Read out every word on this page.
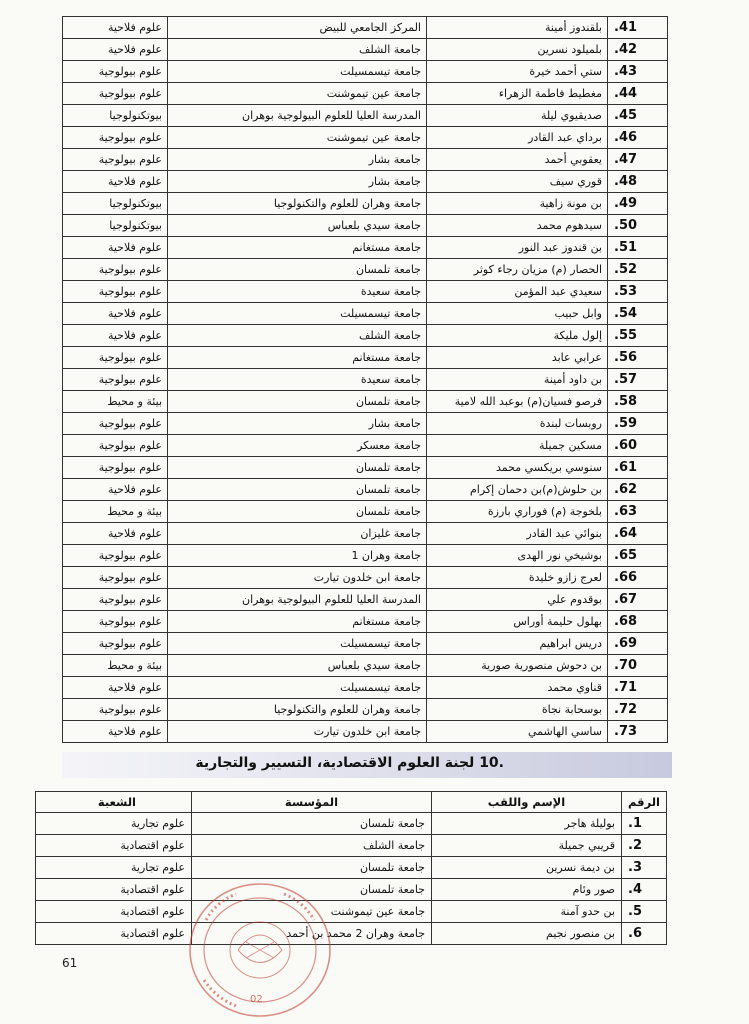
41.	بلقندوز أمينة	المركز الجامعي للبيض	علوم فلاحية
42.	بلميلود نسرين	جامعة الشلف	علوم فلاحية
43.	ستي أحمد خيرة	جامعة تيسمسيلت	علوم بيولوجية
44.	مغطيط فاطمة الزهراء	جامعة عين تيموشنت	علوم بيولوجية
45.	صديقيوي ليلة	المدرسة العليا للعلوم البيولوجية بوهران	بيوتكنولوجيا
46.	برداي عبد القادر	جامعة عين تيموشنت	علوم بيولوجية
47.	يعقوبي أحمد	جامعة بشار	علوم بيولوجية
48.	قوري سيف	جامعة بشار	علوم فلاحية
49.	بن مونة زاهية	جامعة وهران للعلوم والتكنولوجيا	بيوتكنولوجيا
50.	سيدهوم محمد	جامعة سيدي بلعباس	بيوتكنولوجيا
51.	بن قندوز عبد النور	جامعة مستغانم	علوم فلاحية
52.	الحصار (م) مزيان رجاء كوثر	جامعة تلمسان	علوم بيولوجية
53.	سعيدي عبد المؤمن	جامعة سعيدة	علوم بيولوجية
54.	وابل حبيب	جامعة تيسمسيلت	علوم فلاحية
55.	إلول مليكة	جامعة الشلف	علوم فلاحية
56.	عرابي عابد	جامعة مستغانم	علوم بيولوجية
57.	بن داود أمينة	جامعة سعيدة	علوم بيولوجية
58.	فرصو فسيان(م) بوعبد الله لامية	جامعة تلمسان	بيئة و محيط
59.	روبسات لبندة	جامعة بشار	علوم بيولوجية
60.	مسكين جميلة	جامعة معسكر	علوم بيولوجية
61.	سنوسي بريكسي محمد	جامعة تلمسان	علوم بيولوجية
62.	بن حلوش(م)بن دحمان إكرام	جامعة تلمسان	علوم فلاحية
63.	بلخوجة (م) فوراري بارزة	جامعة تلمسان	بيئة و محيط
64.	بنوائي عبد القادر	جامعة غليزان	علوم فلاحية
65.	بوشيخي نور الهدى	جامعة وهران 1	علوم بيولوجية
66.	لعرج زازو خليدة	جامعة ابن خلدون تيارت	علوم بيولوجية
67.	بوقدوم علي	المدرسة العليا للعلوم البيولوجية بوهران	علوم بيولوجية
68.	بهلول حليمة أوراس	جامعة مستغانم	علوم بيولوجية
69.	دريس ابراهيم	جامعة تيسمسيلت	علوم بيولوجية
70.	بن دحوش منصورية صورية	جامعة سيدي بلعباس	بيئة و محيط
71.	قناوي محمد	جامعة تيسمسيلت	علوم فلاحية
72.	بوسحابة نجاة	جامعة وهران للعلوم والتكنولوجيا	علوم بيولوجية
73.	ساسي الهاشمي	جامعة ابن خلدون تيارت	علوم فلاحية
.10 لجنة العلوم الاقتصادية، التسيير والتجارية
الرقم	الإسم واللقب	المؤسسة	الشعبة
1.	بوليلة هاجر	جامعة تلمسان	علوم تجارية
2.	قريبي جميلة	جامعة الشلف	علوم اقتصادية
3.	بن ديمة نسرين	جامعة تلمسان	علوم تجارية
4.	صور وئام	جامعة تلمسان	علوم اقتصادية
5.	بن حدو آمنة	جامعة عين تيموشنت	علوم اقتصادية
6.	بن منصور نجيم	جامعة وهران 2 محمد بن أحمد	علوم اقتصادية
61
02
